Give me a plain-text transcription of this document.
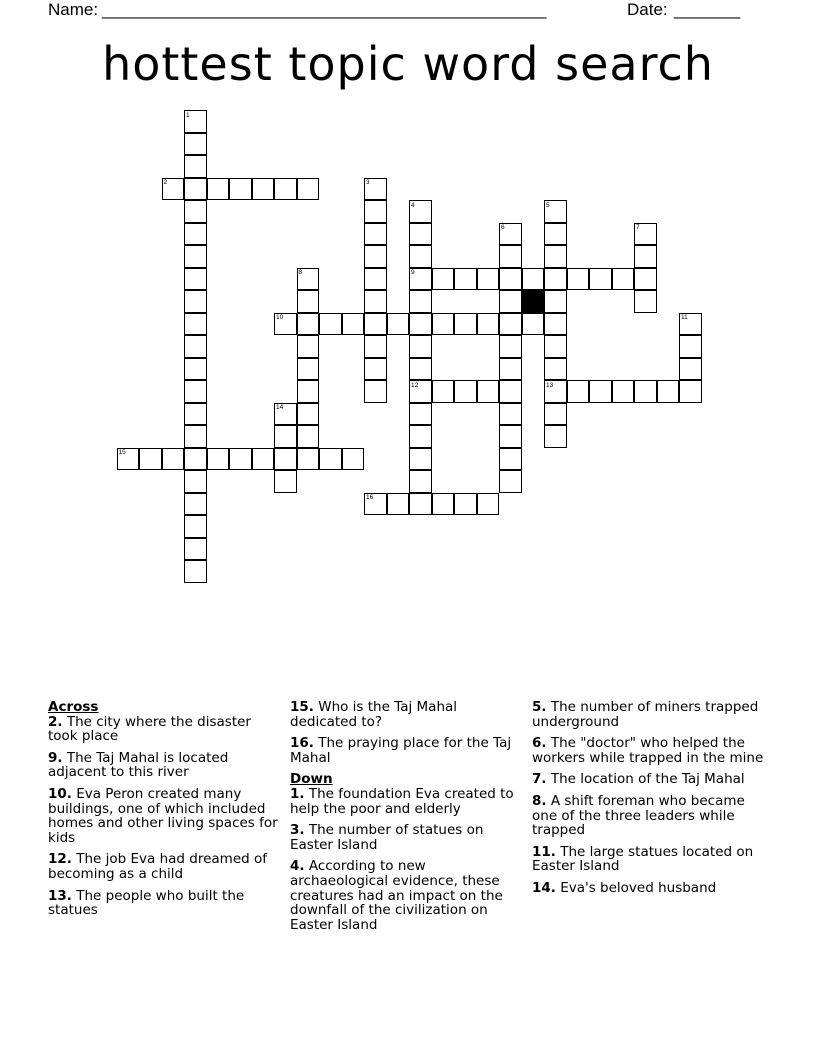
Name: _______________________________________________	Date: _______
hottest topic word search
1
2	3
4	5
6	7
8	9
10	11
12	13
14
15
16
Across
2. The city where the disaster took place
9. The Taj Mahal is located adjacent to this river
10. Eva Peron created many buildings, one of which included homes and other living spaces for kids
12. The job Eva had dreamed of becoming as a child
13. The people who built the statues
15. Who is the Taj Mahal dedicated to?
16. The praying place for the Taj Mahal
Down
1. The foundation Eva created to help the poor and elderly
3. The number of statues on Easter Island
4. According to new archaeological evidence, these creatures had an impact on the downfall of the civilization on Easter Island
5. The number of miners trapped underground
6. The "doctor" who helped the workers while trapped in the mine
7. The location of the Taj Mahal
8. A shift foreman who became one of the three leaders while trapped
11. The large statues located on Easter Island
14. Eva's beloved husband
